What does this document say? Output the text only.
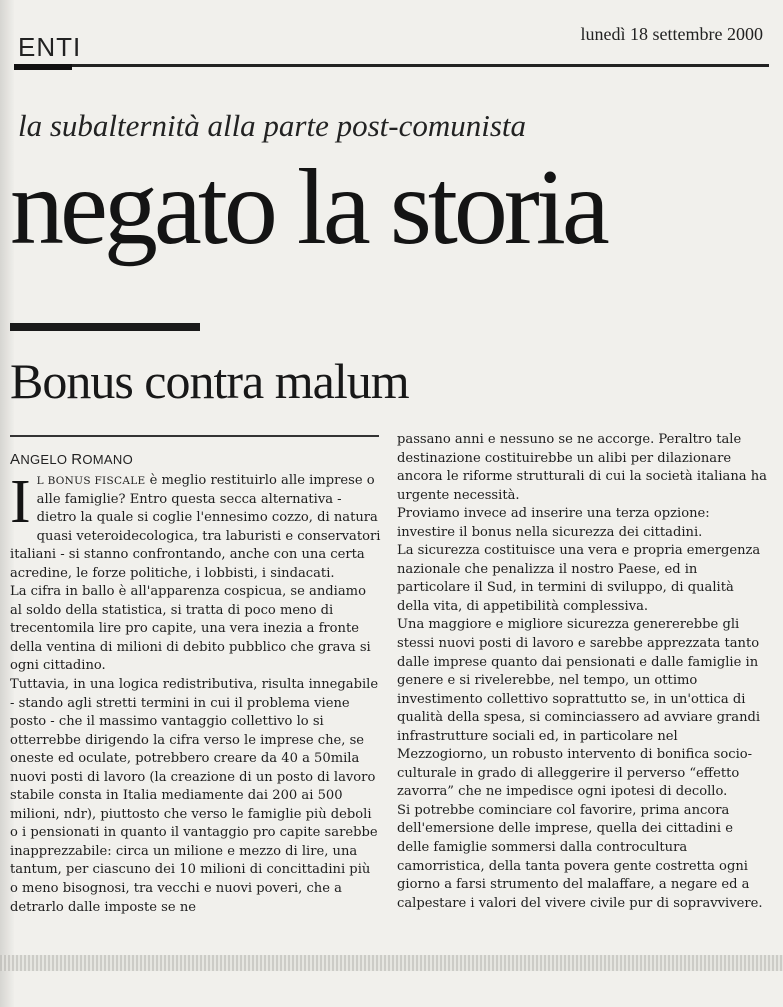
ENTI	lunedì 18 settembre 2000
la subalternità alla parte post-comunista
negato la storia
Bonus contra malum
ANGELO ROMANO

I L BONUS FISCALE è meglio restituirlo alle imprese o alle famiglie? Entro questa secca alternativa - dietro la quale si coglie l'ennesimo cozzo, di natura quasi veteroidecologica, tra laburisti e conservatori italiani - si stanno confrontando, anche con una certa acredine, le forze politiche, i lobbisti, i sindacati.

La cifra in ballo è all'apparenza cospicua, se andiamo al soldo della statistica, si tratta di poco meno di trecentomila lire pro capite, una vera inezia a fronte della ventina di milioni di debito pubblico che grava si ogni cittadino.

Tuttavia, in una logica redistributiva, risulta innegabile - stando agli stretti termini in cui il problema viene posto - che il massimo vantaggio collettivo lo si otterrebbe dirigendo la cifra verso le imprese che, se oneste ed oculate, potrebbero creare da 40 a 50mila nuovi posti di lavoro (la creazione di un posto di lavoro stabile consta in Italia mediamente dai 200 ai 500 milioni, ndr), piuttosto che verso le famiglie più deboli o i pensionati in quanto il vantaggio pro capite sarebbe inapprezzabile: circa un milione e mezzo di lire, una tantum, per ciascuno dei 10 milioni di concittadini più o meno bisognosi, tra vecchi e nuovi poveri, che a detrarlo dalle imposte se ne

passano anni e nessuno se ne accorge. Peraltro tale destinazione costituirebbe un alibi per dilazionare ancora le riforme strutturali di cui la società italiana ha urgente necessità.

Proviamo invece ad inserire una terza opzione: investire il bonus nella sicurezza dei cittadini.

La sicurezza costituisce una vera e propria emergenza nazionale che penalizza il nostro Paese, ed in particolare il Sud, in termini di sviluppo, di qualità della vita, di appetibilità complessiva.

Una maggiore e migliore sicurezza genererebbe gli stessi nuovi posti di lavoro e sarebbe apprezzata tanto dalle imprese quanto dai pensionati e dalle famiglie in genere e si rivelerebbe, nel tempo, un ottimo investimento collettivo soprattutto se, in un'ottica di qualità della spesa, si cominciassero ad avviare grandi infrastrutture sociali ed, in particolare nel Mezzogiorno, un robusto intervento di bonifica socio-culturale in grado di alleggerire il perverso “effetto zavorra” che ne impedisce ogni ipotesi di decollo.

Si potrebbe cominciare col favorire, prima ancora dell'emersione delle imprese, quella dei cittadini e delle famiglie sommersi dalla controcultura camorristica, della tanta povera gente costretta ogni giorno a farsi strumento del malaffare, a negare ed a calpestare i valori del vivere civile pur di sopravvivere.
